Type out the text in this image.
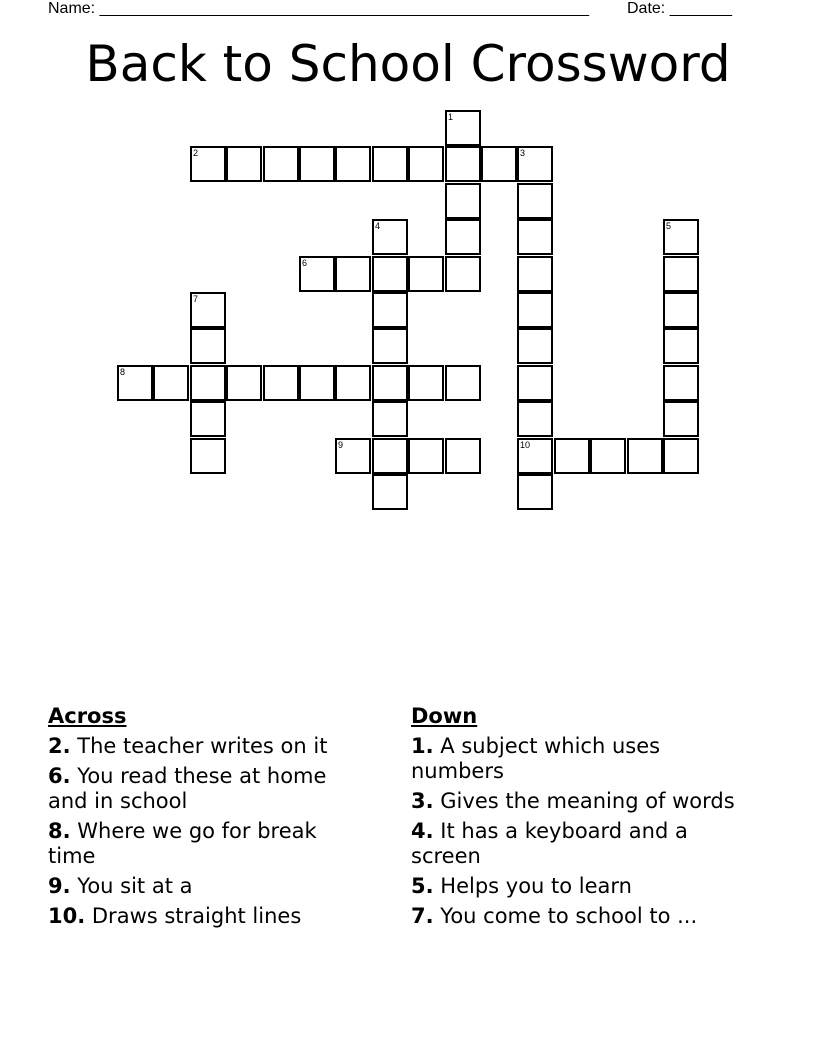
Name: _______________________________________________________ Date: _______
Back to School Crossword
2	3
6
8
9	10
1
4	5
7
Across
2. The teacher writes on it
6. You read these at home and in school
8. Where we go for break time
9. You sit at a
10. Draws straight lines
Down
1. A subject which uses numbers
3. Gives the meaning of words
4. It has a keyboard and a screen
5. Helps you to learn
7. You come to school to ...
